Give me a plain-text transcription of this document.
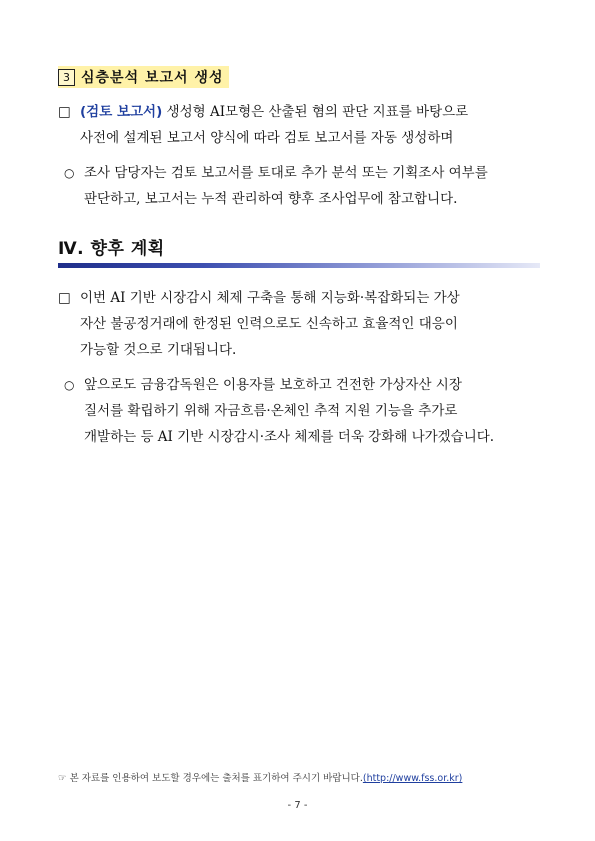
3 심층분석 보고서 생성
□ (검토 보고서) 생성형 AI모형은 산출된 혐의 판단 지표를 바탕으로
사전에 설계된 보고서 양식에 따라 검토 보고서를 자동 생성하며
○ 조사 담당자는 검토 보고서를 토대로 추가 분석 또는 기획조사 여부를
판단하고, 보고서는 누적 관리하여 향후 조사업무에 참고합니다.
Ⅳ. 향후 계획
□ 이번 AI 기반 시장감시 체제 구축을 통해 지능화·복잡화되는 가상
자산 불공정거래에 한정된 인력으로도 신속하고 효율적인 대응이
가능할 것으로 기대됩니다.
○ 앞으로도 금융감독원은 이용자를 보호하고 건전한 가상자산 시장
질서를 확립하기 위해 자금흐름·온체인 추적 지원 기능을 추가로
개발하는 등 AI 기반 시장감시·조사 체제를 더욱 강화해 나가겠습니다.
☞ 본 자료를 인용하여 보도할 경우에는 출처를 표기하여 주시기 바랍니다.(http://www.fss.or.kr)
- 7 -
